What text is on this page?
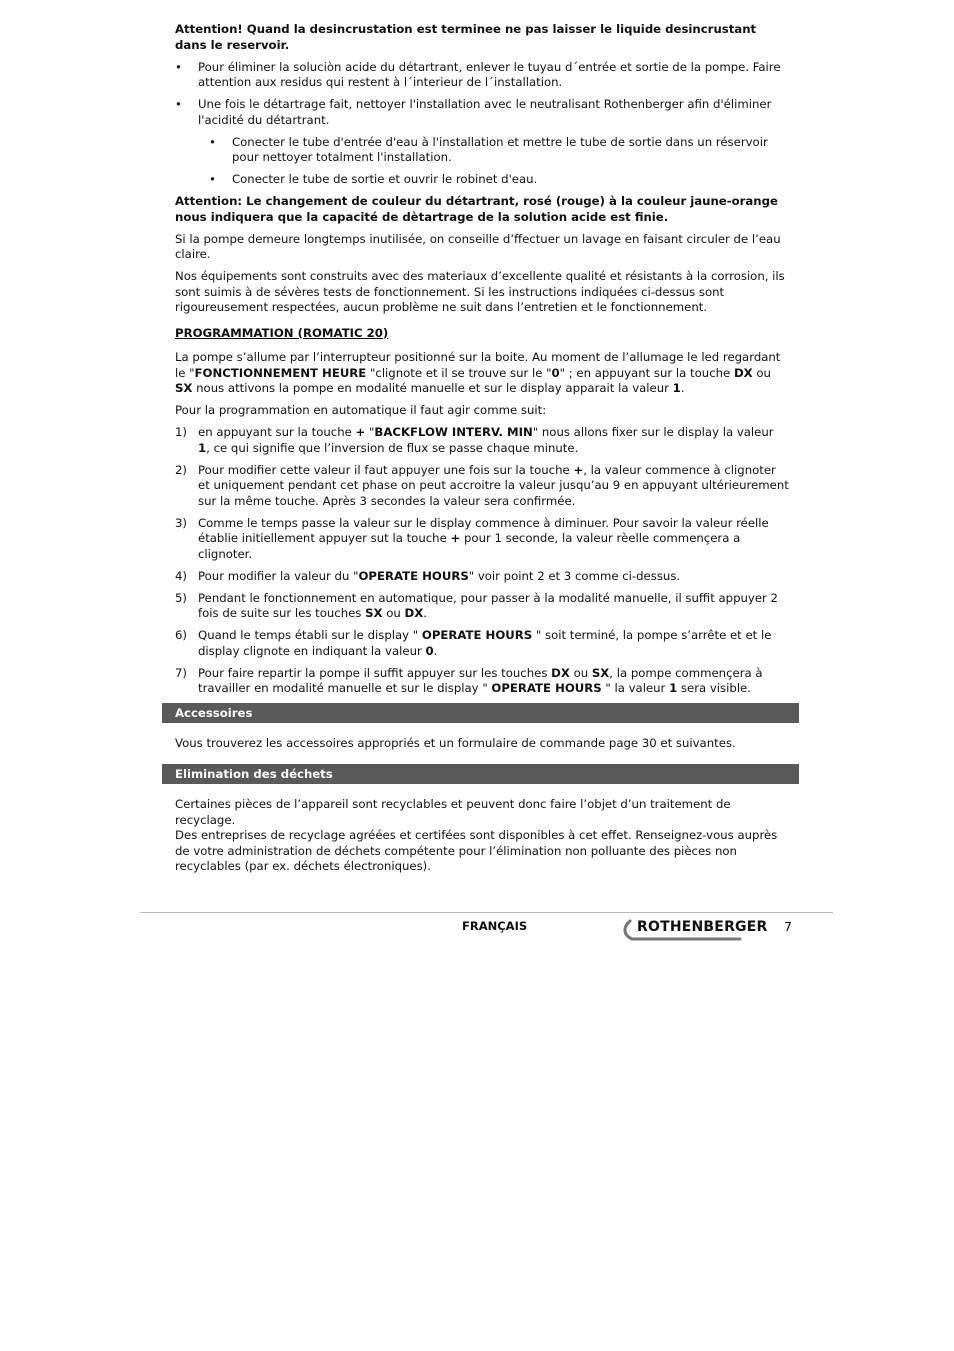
Attention! Quand la desincrustation est terminee ne pas laisser le liquide desincrustant dans le reservoir.

• Pour éliminer la soluciòn acide du détartrant, enlever le tuyau d´entrée et sortie de la pompe. Faire attention aux residus qui restent à l´interieur de l´installation.
• Une fois le détartrage fait, nettoyer l'installation avec le neutralisant Rothenberger afin d'éliminer l'acidité du détartrant.
• Conecter le tube d'entrée d'eau à l'installation et mettre le tube de sortie dans un réservoir pour nettoyer totalment l'installation.
• Conecter le tube de sortie et ouvrir le robinet d'eau.

Attention: Le changement de couleur du détartrant, rosé (rouge) à la couleur jaune-orange nous indiquera que la capacité de dètartrage de la solution acide est finie.

Si la pompe demeure longtemps inutilisée, on conseille d’ffectuer un lavage en faisant circuler de l’eau claire.

Nos équipements sont construits avec des materiaux d’excellente qualité et résistants à la corrosion, ils sont suimis à de sévères tests de fonctionnement. Si les instructions indiquées ci-dessus sont rigoureusement respectées, aucun problème ne suit dans l’entretien et le fonctionnement.

PROGRAMMATION (ROMATIC 20)

La pompe s’allume par l’interrupteur positionné sur la boite. Au moment de l’allumage le led regardant le "FONCTIONNEMENT HEURE "clignote et il se trouve sur le "0" ; en appuyant sur la touche DX ou SX nous attivons la pompe en modalité manuelle et sur le display apparait la valeur 1.

Pour la programmation en automatique il faut agir comme suit:

1) en appuyant sur la touche + "BACKFLOW INTERV. MIN" nous allons fixer sur le display la valeur 1, ce qui signifie que l’inversion de flux se passe chaque minute.
2) Pour modifier cette valeur il faut appuyer une fois sur la touche +, la valeur commence à clignoter et uniquement pendant cet phase on peut accroitre la valeur jusqu’au 9 en appuyant ultérieurement sur la même touche. Après 3 secondes la valeur sera confirmée.
3) Comme le temps passe la valeur sur le display commence à diminuer. Pour savoir la valeur réelle établie initiellement appuyer sut la touche + pour 1 seconde, la valeur rèelle commençera a clignoter.
4) Pour modifier la valeur du "OPERATE HOURS" voir point 2 et 3 comme ci-dessus.
5) Pendant le fonctionnement en automatique, pour passer à la modalité manuelle, il suffit appuyer 2 fois de suite sur les touches SX ou DX.
6) Quand le temps établi sur le display " OPERATE HOURS " soit terminé, la pompe s’arrête et et le display clignote en indiquant la valeur 0.
7) Pour faire repartir la pompe il suffit appuyer sur les touches DX ou SX, la pompe commençera à travailler en modalité manuelle et sur le display " OPERATE HOURS " la valeur 1 sera visible.
Accessoires
Vous trouverez les accessoires appropriés et un formulaire de commande page 30 et suivantes.
Elimination des déchets
Certaines pièces de l’appareil sont recyclables et peuvent donc faire l’objet d’un traitement de recyclage.
Des entreprises de recyclage agréées et certifées sont disponibles à cet effet. Renseignez-vous auprès
de votre administration de déchets compétente pour l’élimination non polluante des pièces non
recyclables (par ex. déchets électroniques).
FRANÇAIS	ROTHENBERGER 7
